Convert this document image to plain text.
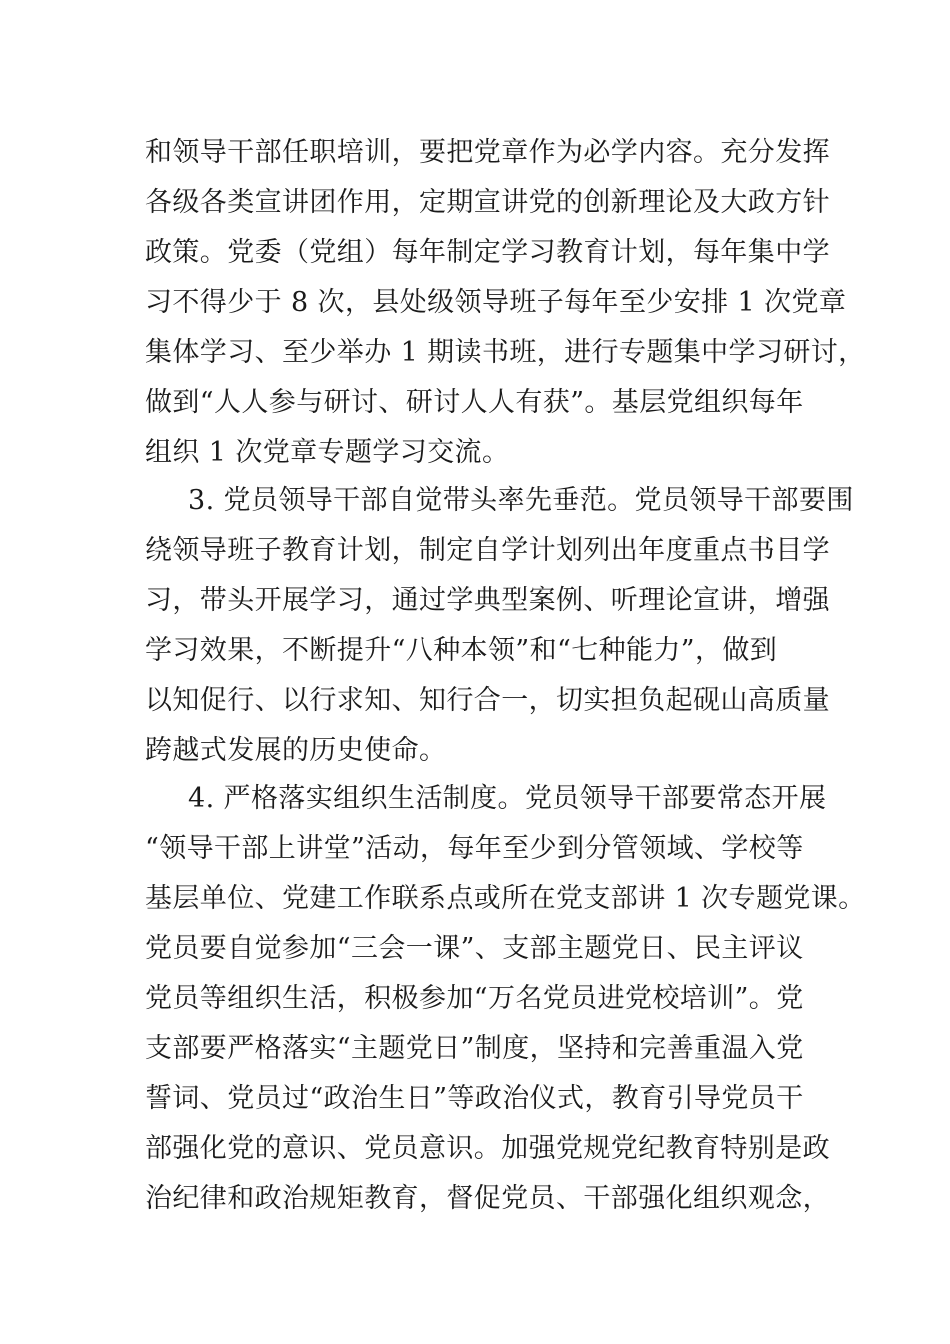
和领导干部任职培训，要把党章作为必学内容。充分发挥
各级各类宣讲团作用，定期宣讲党的创新理论及大政方针
政策。党委（党组）每年制定学习教育计划，每年集中学
习不得少于 8 次，县处级领导班子每年至少安排 1 次党章
集体学习、至少举办 1 期读书班，进行专题集中学习研讨，
做到“人人参与研讨、研讨人人有获”。基层党组织每年
组织 1 次党章专题学习交流。
3. 党员领导干部自觉带头率先垂范。党员领导干部要围
绕领导班子教育计划，制定自学计划列出年度重点书目学
习，带头开展学习，通过学典型案例、听理论宣讲，增强
学习效果，不断提升“八种本领”和“七种能力”，做到
以知促行、以行求知、知行合一，切实担负起砚山高质量
跨越式发展的历史使命。
4. 严格落实组织生活制度。党员领导干部要常态开展
“领导干部上讲堂”活动，每年至少到分管领域、学校等
基层单位、党建工作联系点或所在党支部讲 1 次专题党课。
党员要自觉参加“三会一课”、支部主题党日、民主评议
党员等组织生活，积极参加“万名党员进党校培训”。党
支部要严格落实“主题党日”制度，坚持和完善重温入党
誓词、党员过“政治生日”等政治仪式，教育引导党员干
部强化党的意识、党员意识。加强党规党纪教育特别是政
治纪律和政治规矩教育，督促党员、干部强化组织观念，
